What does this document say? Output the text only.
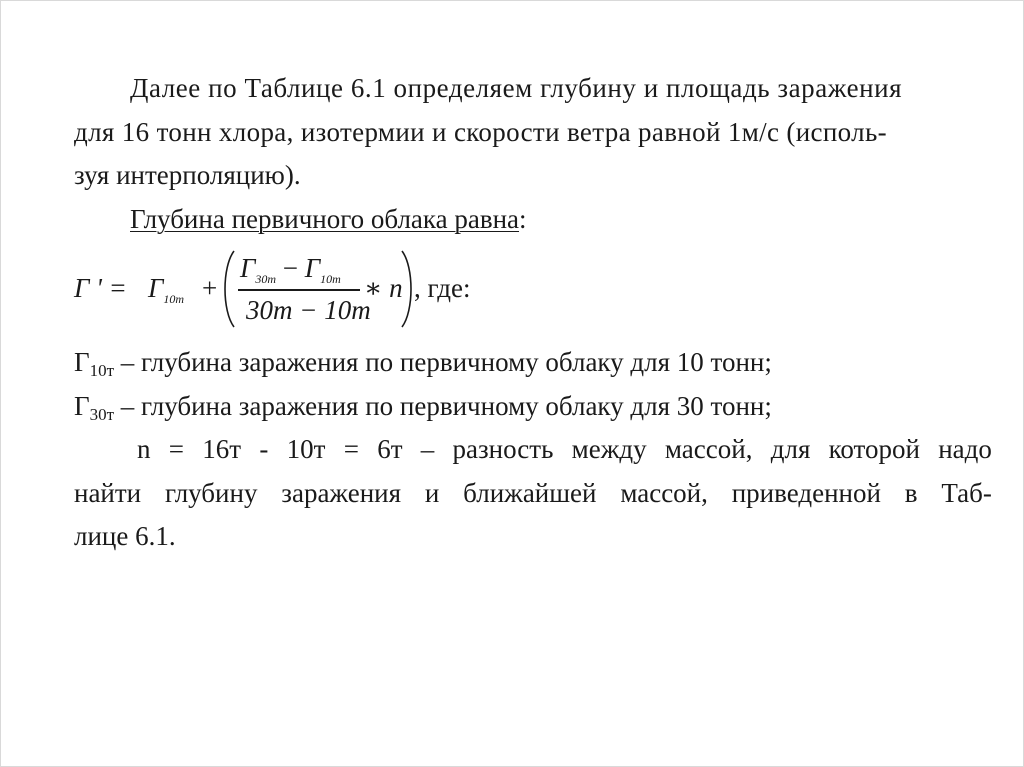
Далее по Таблице 6.1 определяем глубину и площадь заражения
для 16 тонн хлора, изотермии и скорости ветра равной 1м/с (исполь-
зуя интерполяцию).
Глубина первичного облака равна:
Г ' = $Г_{10т}$ +
$Г_{30т} - Г_{10т}$
30т − 10т
∗ n , где:
$Г_{10т}$ – глубина заражения по первичному облаку для 10 тонн;
$Г_{30т}$ – глубина заражения по первичному облаку для 30 тонн;
n = 16т - 10т = 6т – разность между массой, для которой надо
найти глубину заражения и ближайшей массой, приведенной в Таб-
лице 6.1.
